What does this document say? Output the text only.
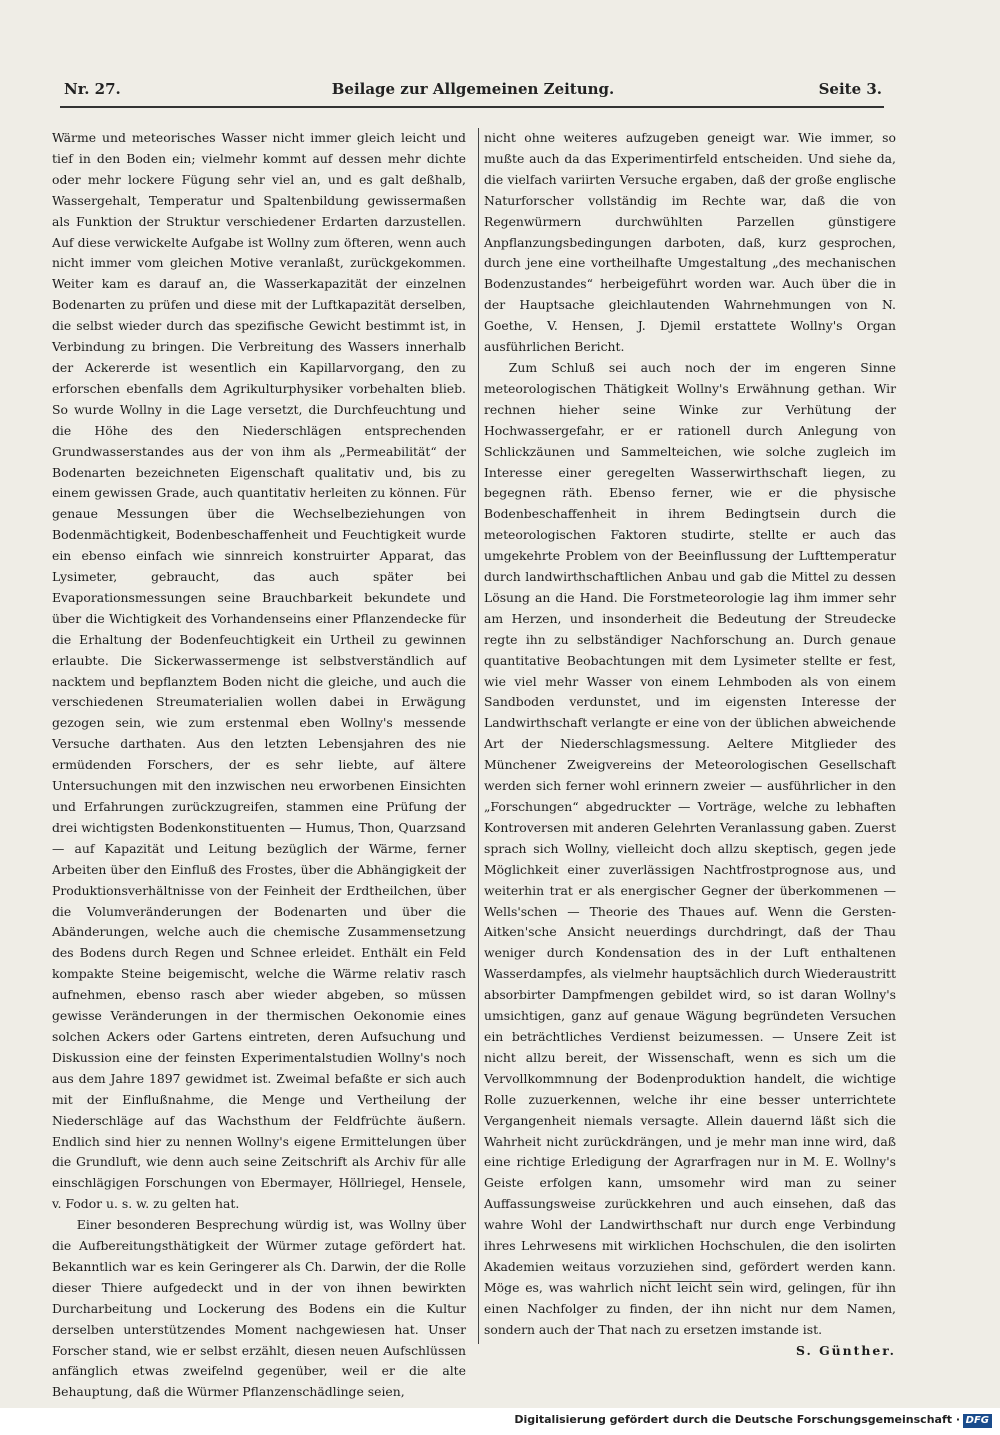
Beilage zur Allgemeinen Zeitung.
Nr. 27.	Seite 3.

Wärme und meteorisches Wasser nicht immer gleich leicht und tief in den Boden ein; vielmehr kommt auf dessen mehr dichte oder mehr lockere Fügung sehr viel an, und es galt deßhalb, Wassergehalt, Temperatur und Spaltenbildung gewissermaßen als Funktion der Struktur verschiedener Erdarten darzustellen. Auf diese verwickelte Aufgabe ist Wollny zum öfteren, wenn auch nicht immer vom gleichen Motive veranlaßt, zurückgekommen. Weiter kam es darauf an, die Wasserkapazität der einzelnen Bodenarten zu prüfen und diese mit der Luftkapazität derselben, die selbst wieder durch das spezifische Gewicht bestimmt ist, in Verbindung zu bringen. Die Verbreitung des Wassers innerhalb der Ackererde ist wesentlich ein Kapillarvorgang, den zu erforschen ebenfalls dem Agrikulturphysiker vorbehalten blieb. So wurde Wollny in die Lage versetzt, die Durchfeuchtung und die Höhe des den Niederschlägen entsprechenden Grundwasserstandes aus der von ihm als „Permeabilität“ der Bodenarten bezeichneten Eigenschaft qualitativ und, bis zu einem gewissen Grade, auch quantitativ herleiten zu können. Für genaue Messungen über die Wechselbeziehungen von Bodenmächtigkeit, Bodenbeschaffenheit und Feuchtigkeit wurde ein ebenso einfach wie sinnreich konstruirter Apparat, das Lysimeter, gebraucht, das auch später bei Evaporationsmessungen seine Brauchbarkeit bekundete und über die Wichtigkeit des Vorhandenseins einer Pflanzendecke für die Erhaltung der Bodenfeuchtigkeit ein Urtheil zu gewinnen erlaubte. Die Sickerwassermenge ist selbstverständlich auf nacktem und bepflanztem Boden nicht die gleiche, und auch die verschiedenen Streumaterialien wollen dabei in Erwägung gezogen sein, wie zum erstenmal eben Wollny's messende Versuche darthaten. Aus den letzten Lebensjahren des nie ermüdenden Forschers, der es sehr liebte, auf ältere Untersuchungen mit den inzwischen neu erworbenen Einsichten und Erfahrungen zurückzugreifen, stammen eine Prüfung der drei wichtigsten Bodenkonstituenten — Humus, Thon, Quarzsand — auf Kapazität und Leitung bezüglich der Wärme, ferner Arbeiten über den Einfluß des Frostes, über die Abhängigkeit der Produktionsverhältnisse von der Feinheit der Erdtheilchen, über die Volumveränderungen der Bodenarten und über die Abänderungen, welche auch die chemische Zusammensetzung des Bodens durch Regen und Schnee erleidet. Enthält ein Feld kompakte Steine beigemischt, welche die Wärme relativ rasch aufnehmen, ebenso rasch aber wieder abgeben, so müssen gewisse Veränderungen in der thermischen Oekonomie eines solchen Ackers oder Gartens eintreten, deren Aufsuchung und Diskussion eine der feinsten Experimentalstudien Wollny's noch aus dem Jahre 1897 gewidmet ist. Zweimal befaßte er sich auch mit der Einflußnahme, die Menge und Vertheilung der Niederschläge auf das Wachsthum der Feldfrüchte äußern. Endlich sind hier zu nennen Wollny's eigene Ermittelungen über die Grundluft, wie denn auch seine Zeitschrift als Archiv für alle einschlägigen Forschungen von Ebermayer, Höllriegel, Hensele, v. Fodor u. s. w. zu gelten hat.

Einer besonderen Besprechung würdig ist, was Wollny über die Aufbereitungsthätigkeit der Würmer zutage gefördert hat. Bekanntlich war es kein Geringerer als Ch. Darwin, der die Rolle dieser Thiere aufgedeckt und in der von ihnen bewirkten Durcharbeitung und Lockerung des Bodens ein die Kultur derselben unterstützendes Moment nachgewiesen hat. Unser Forscher stand, wie er selbst erzählt, diesen neuen Aufschlüssen anfänglich etwas zweifelnd gegenüber, weil er die alte Behauptung, daß die Würmer Pflanzenschädlinge seien,

nicht ohne weiteres aufzugeben geneigt war. Wie immer, so mußte auch da das Experimentirfeld entscheiden. Und siehe da, die vielfach variirten Versuche ergaben, daß der große englische Naturforscher vollständig im Rechte war, daß die von Regenwürmern durchwühlten Parzellen günstigere Anpflanzungsbedingungen darboten, daß, kurz gesprochen, durch jene eine vortheilhafte Umgestaltung „des mechanischen Bodenzustandes“ herbeigeführt worden war. Auch über die in der Hauptsache gleichlautenden Wahrnehmungen von N. Goethe, V. Hensen, J. Djemil erstattete Wollny's Organ ausführlichen Bericht.

Zum Schluß sei auch noch der im engeren Sinne meteorologischen Thätigkeit Wollny's Erwähnung gethan. Wir rechnen hieher seine Winke zur Verhütung der Hochwassergefahr, er er rationell durch Anlegung von Schlickzäunen und Sammelteichen, wie solche zugleich im Interesse einer geregelten Wasserwirthschaft liegen, zu begegnen räth. Ebenso ferner, wie er die physische Bodenbeschaffenheit in ihrem Bedingtsein durch die meteorologischen Faktoren studirte, stellte er auch das umgekehrte Problem von der Beeinflussung der Lufttemperatur durch landwirthschaftlichen Anbau und gab die Mittel zu dessen Lösung an die Hand. Die Forstmeteorologie lag ihm immer sehr am Herzen, und insonderheit die Bedeutung der Streudecke regte ihn zu selbständiger Nachforschung an. Durch genaue quantitative Beobachtungen mit dem Lysimeter stellte er fest, wie viel mehr Wasser von einem Lehmboden als von einem Sandboden verdunstet, und im eigensten Interesse der Landwirthschaft verlangte er eine von der üblichen abweichende Art der Niederschlagsmessung. Aeltere Mitglieder des Münchener Zweigvereins der Meteorologischen Gesellschaft werden sich ferner wohl erinnern zweier — ausführlicher in den „Forschungen“ abgedruckter — Vorträge, welche zu lebhaften Kontroversen mit anderen Gelehrten Veranlassung gaben. Zuerst sprach sich Wollny, vielleicht doch allzu skeptisch, gegen jede Möglichkeit einer zuverlässigen Nachtfrostprognose aus, und weiterhin trat er als energischer Gegner der überkommenen — Wells'schen — Theorie des Thaues auf. Wenn die Gersten-Aitken'sche Ansicht neuerdings durchdringt, daß der Thau weniger durch Kondensation des in der Luft enthaltenen Wasserdampfes, als vielmehr hauptsächlich durch Wiederaustritt absorbirter Dampfmengen gebildet wird, so ist daran Wollny's umsichtigen, ganz auf genaue Wägung begründeten Versuchen ein beträchtliches Verdienst beizumessen. — Unsere Zeit ist nicht allzu bereit, der Wissenschaft, wenn es sich um die Vervollkommnung der Bodenproduktion handelt, die wichtige Rolle zuzuerkennen, welche ihr eine besser unterrichtete Vergangenheit niemals versagte. Allein dauernd läßt sich die Wahrheit nicht zurückdrängen, und je mehr man inne wird, daß eine richtige Erledigung der Agrarfragen nur in M. E. Wollny's Geiste erfolgen kann, umsomehr wird man zu seiner Auffassungsweise zurückkehren und auch einsehen, daß das wahre Wohl der Landwirthschaft nur durch enge Verbindung ihres Lehrwesens mit wirklichen Hochschulen, die den isolirten Akademien weitaus vorzuziehen sind, gefördert werden kann. Möge es, was wahrlich nicht leicht sein wird, gelingen, für ihn einen Nachfolger zu finden, der ihn nicht nur dem Namen, sondern auch der That nach zu ersetzen imstande ist.

S. Günther.

Digitalisierung gefördert durch die Deutsche Forschungsgemeinschaft · DFG
